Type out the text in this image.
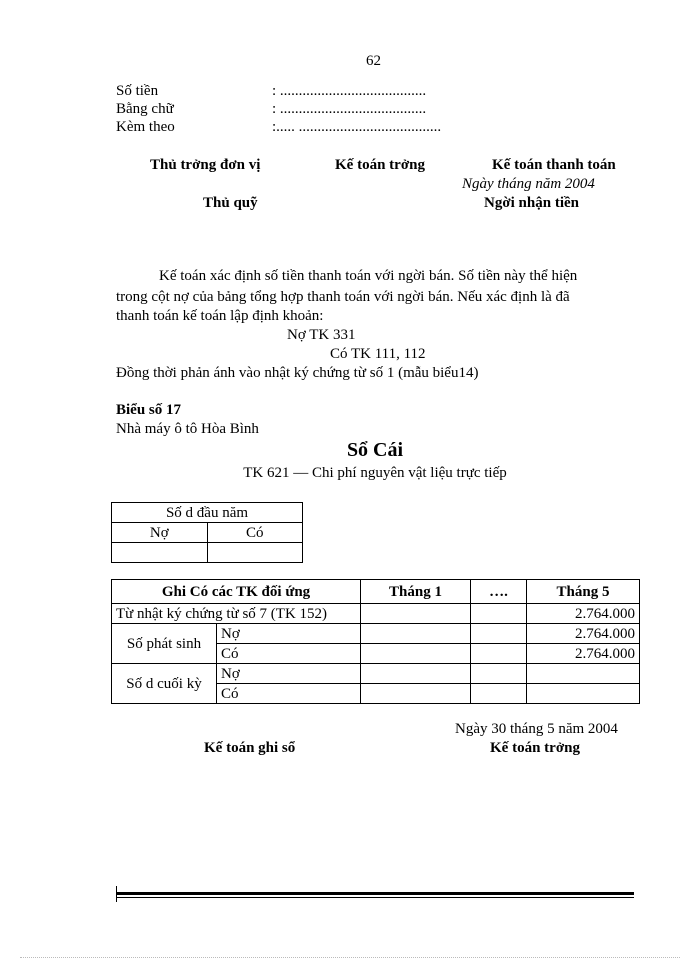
62
Số tiền	: .......................................
Bằng chữ	: .......................................
Kèm theo	:..... ......................................
Thủ trởng đơn vị	Kế toán trởng	Kế toán thanh toán
Ngày tháng năm 2004
Thủ quỹ	Ngời nhận tiền
Kế toán xác định số tiền thanh toán với ngời bán. Số tiền này thể hiện
trong cột nợ của bảng tổng hợp thanh toán với ngời bán. Nếu xác định là đã
thanh toán kế toán lập định khoản:
Nợ TK 331
Có TK 111, 112
Đồng thời phản ánh vào nhật ký chứng từ số 1 (mẫu biểu14)
Biểu số 17
Nhà máy ô tô Hòa Bình
Sổ Cái
TK 621 — Chi phí nguyên vật liệu trực tiếp
Số d đầu năm	
Nợ	Có

Ghi Có các TK đối ứng		Tháng 1	….	Tháng 5
Từ nhật ký chứng từ số 7 (TK 152)				2.764.000
Số phát sinh	Nợ			2.764.000
	Có			2.764.000
Số d cuối kỳ	Nợ			
	Có			
Ngày 30 tháng 5 năm 2004
Kế toán ghi sổ	Kế toán trởng
